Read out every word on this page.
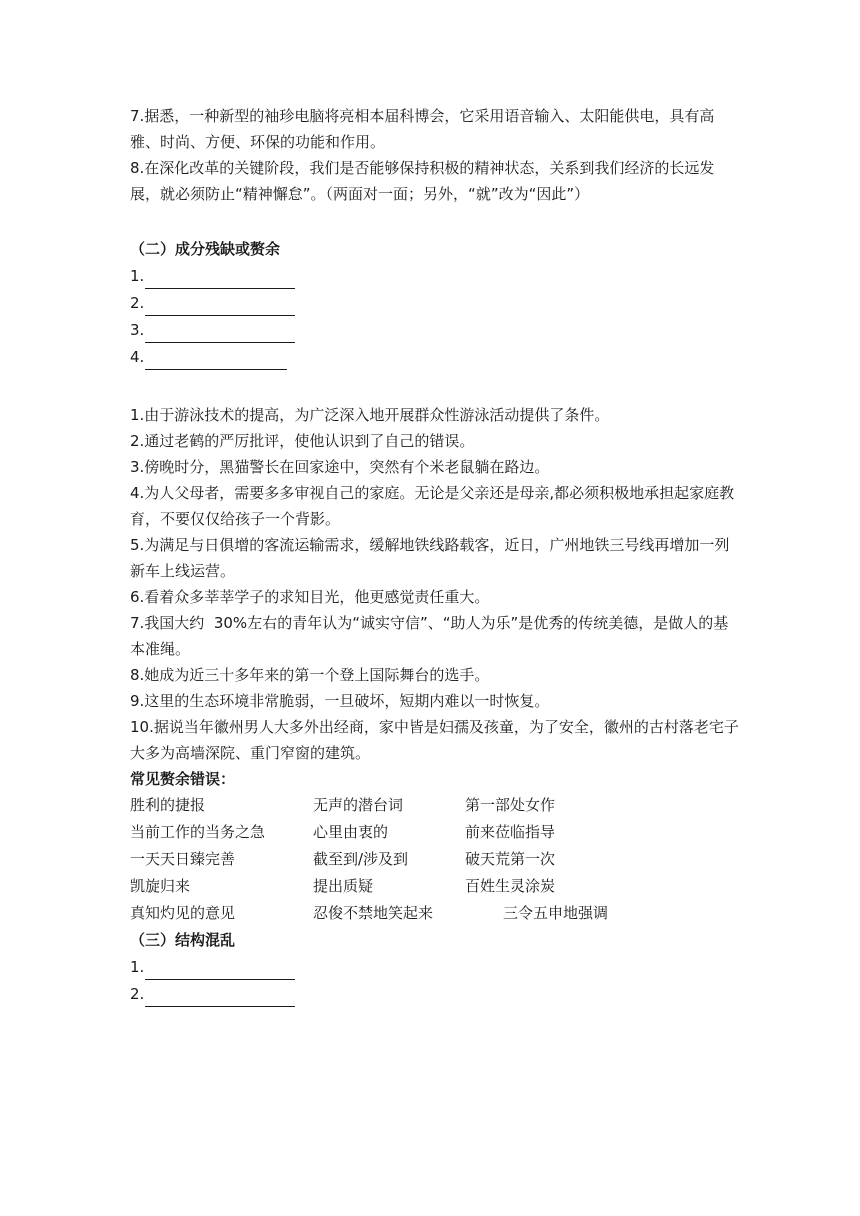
7.据悉，一种新型的袖珍电脑将亮相本届科博会，它采用语音输入、太阳能供电，具有高雅、时尚、方便、环保的功能和作用。

8.在深化改革的关键阶段，我们是否能够保持积极的精神状态，关系到我们经济的长远发展，就必须防止“精神懈怠”。（两面对一面；另外，“就”改为“因此”）

（二）成分残缺或赘余

1.
2.
3.
4.

1.由于游泳技术的提高，为广泛深入地开展群众性游泳活动提供了条件。

2.通过老鹤的严厉批评，使他认识到了自己的错误。

3.傍晚时分，黑猫警长在回家途中，突然有个米老鼠躺在路边。

4.为人父母者，需要多多审视自己的家庭。无论是父亲还是母亲,都必须积极地承担起家庭教育，不要仅仅给孩子一个背影。

5.为满足与日俱增的客流运输需求，缓解地铁线路载客，近日，广州地铁三号线再增加一列新车上线运营。

6.看着众多莘莘学子的求知目光，他更感觉责任重大。

7.我国大约  30%左右的青年认为“诚实守信”、“助人为乐”是优秀的传统美德，是做人的基本准绳。

8.她成为近三十多年来的第一个登上国际舞台的选手。

9.这里的生态环境非常脆弱，一旦破坏，短期内难以一时恢复。

10.据说当年徽州男人大多外出经商，家中皆是妇孺及孩童，为了安全，徽州的古村落老宅子大多为高墙深院、重门窄窗的建筑。

常见赘余错误：

胜利的捷报	无声的潜台词	第一部处女作
当前工作的当务之急	心里由衷的	前来莅临指导
一天天日臻完善	截至到/涉及到	破天荒第一次
凯旋归来	提出质疑	百姓生灵涂炭
真知灼见的意见	忍俊不禁地笑起来	三令五申地强调

（三）结构混乱

1.
2.
